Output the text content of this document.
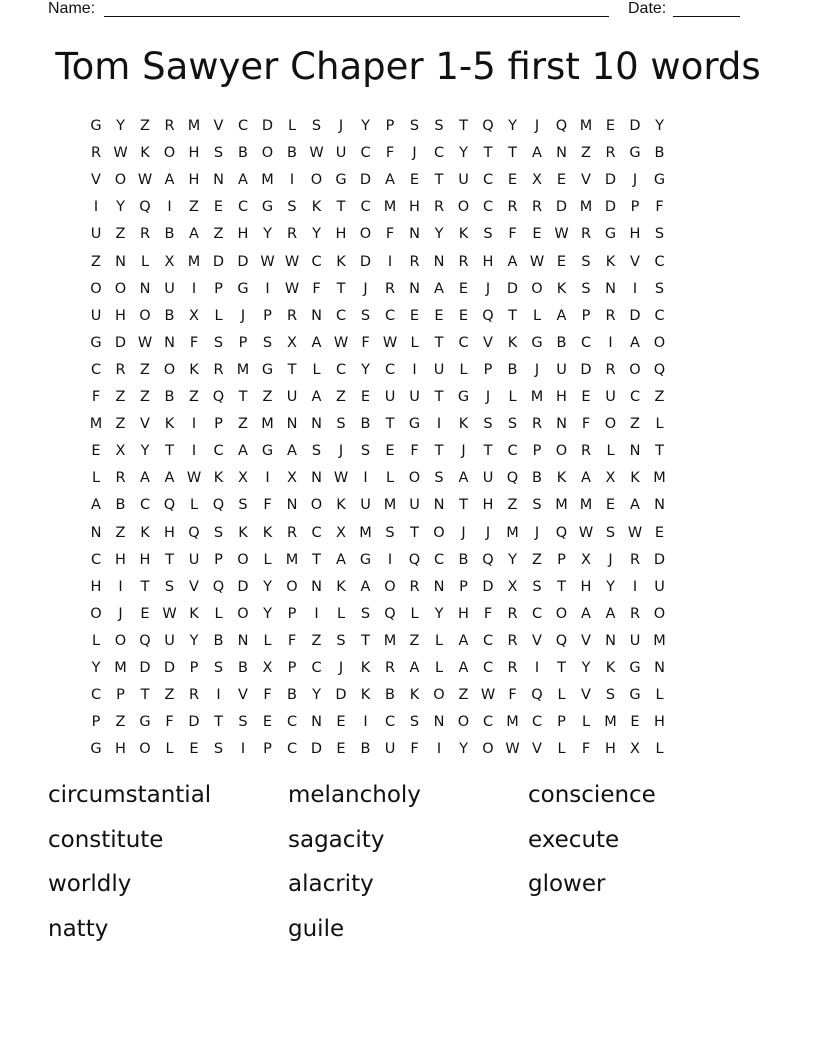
Name:	Date:
Tom Sawyer Chaper 1-5 first 10 words
G Y	Z R M V C D	L	S	J	Y	P	S	S	T Q Y	J	Q M E D Y
R W K O H S	B O B W U C	F	J	C	Y	T	T	A N Z R G B
V O W A H N A M	I	O G D A	E	T	U C	E	X	E	V D	J	G
I	Y Q	I	Z	E	C G S	K	T	C M H R O C R R D M D	P	F
U Z R B	A	Z H	Y	R	Y	H O	F	N	Y	K	S	F	E W R G H S
Z N	L	X M D D W W C	K D	I	R N R H A W E	S	K	V C
O O N U	I	P	G	I	W F	T	J	R N A	E	J	D O K	S N	I	S
U H O B	X	L	J	P	R N C	S	C	E	E	E Q T	L	A	P	R D C
G D W N	F	S	P	S	X	A W F W L	T	C V	K G B C	I	A O
C R	Z O K	R M G T	L	C	Y	C	I	U	L	P	B	J	U D R O Q
F	Z	Z	B	Z Q T	Z U A	Z	E	U U	T G	J	L M H E	U C Z
M Z	V	K	I	P	Z M N N S	B	T G	I	K	S	S	R N	F	O Z	L
E	X	Y	T	I	C A G A	S	J	S	E	F	T	J	T	C	P O R	L	N	T
L	R	A	A W K	X	I	X N W	I	L	O S	A U Q B	K	A	X	K M
A	B C Q	L	Q S	F	N O K U M U N	T	H Z	S M M E	A N
N Z	K H Q S	K	K	R C X M S	T O	J	J	M	J	Q W S W E
C H H	T	U	P O	L M T	A G	I	Q C B Q Y	Z	P	X	J	R D
H	I	T	S	V Q D Y O N K	A O R N	P	D X	S	T	H	Y	I	U
O	J	E W K	L	O Y	P	I	L	S Q	L	Y	H	F	R C O A	A	R O
L	O Q U	Y	B N	L	F	Z	S	T M Z	L	A C R	V Q V N U M
Y M D D	P	S	B	X	P	C	J	K	R	A	L	A C R	I	T	Y	K G N
C	P	T	Z R	I	V	F	B	Y D K	B	K O Z W F	Q	L	V	S G	L
P	Z G	F	D T	S	E	C N E	I	C	S N O C M C	P	L M E H
G H O	L	E	S	I	P	C D E	B U	F	I	Y O W V	L	F	H X	L
circumstantial	melancholy	conscience
constitute	sagacity	execute
worldly	alacrity	glower
natty	guile
